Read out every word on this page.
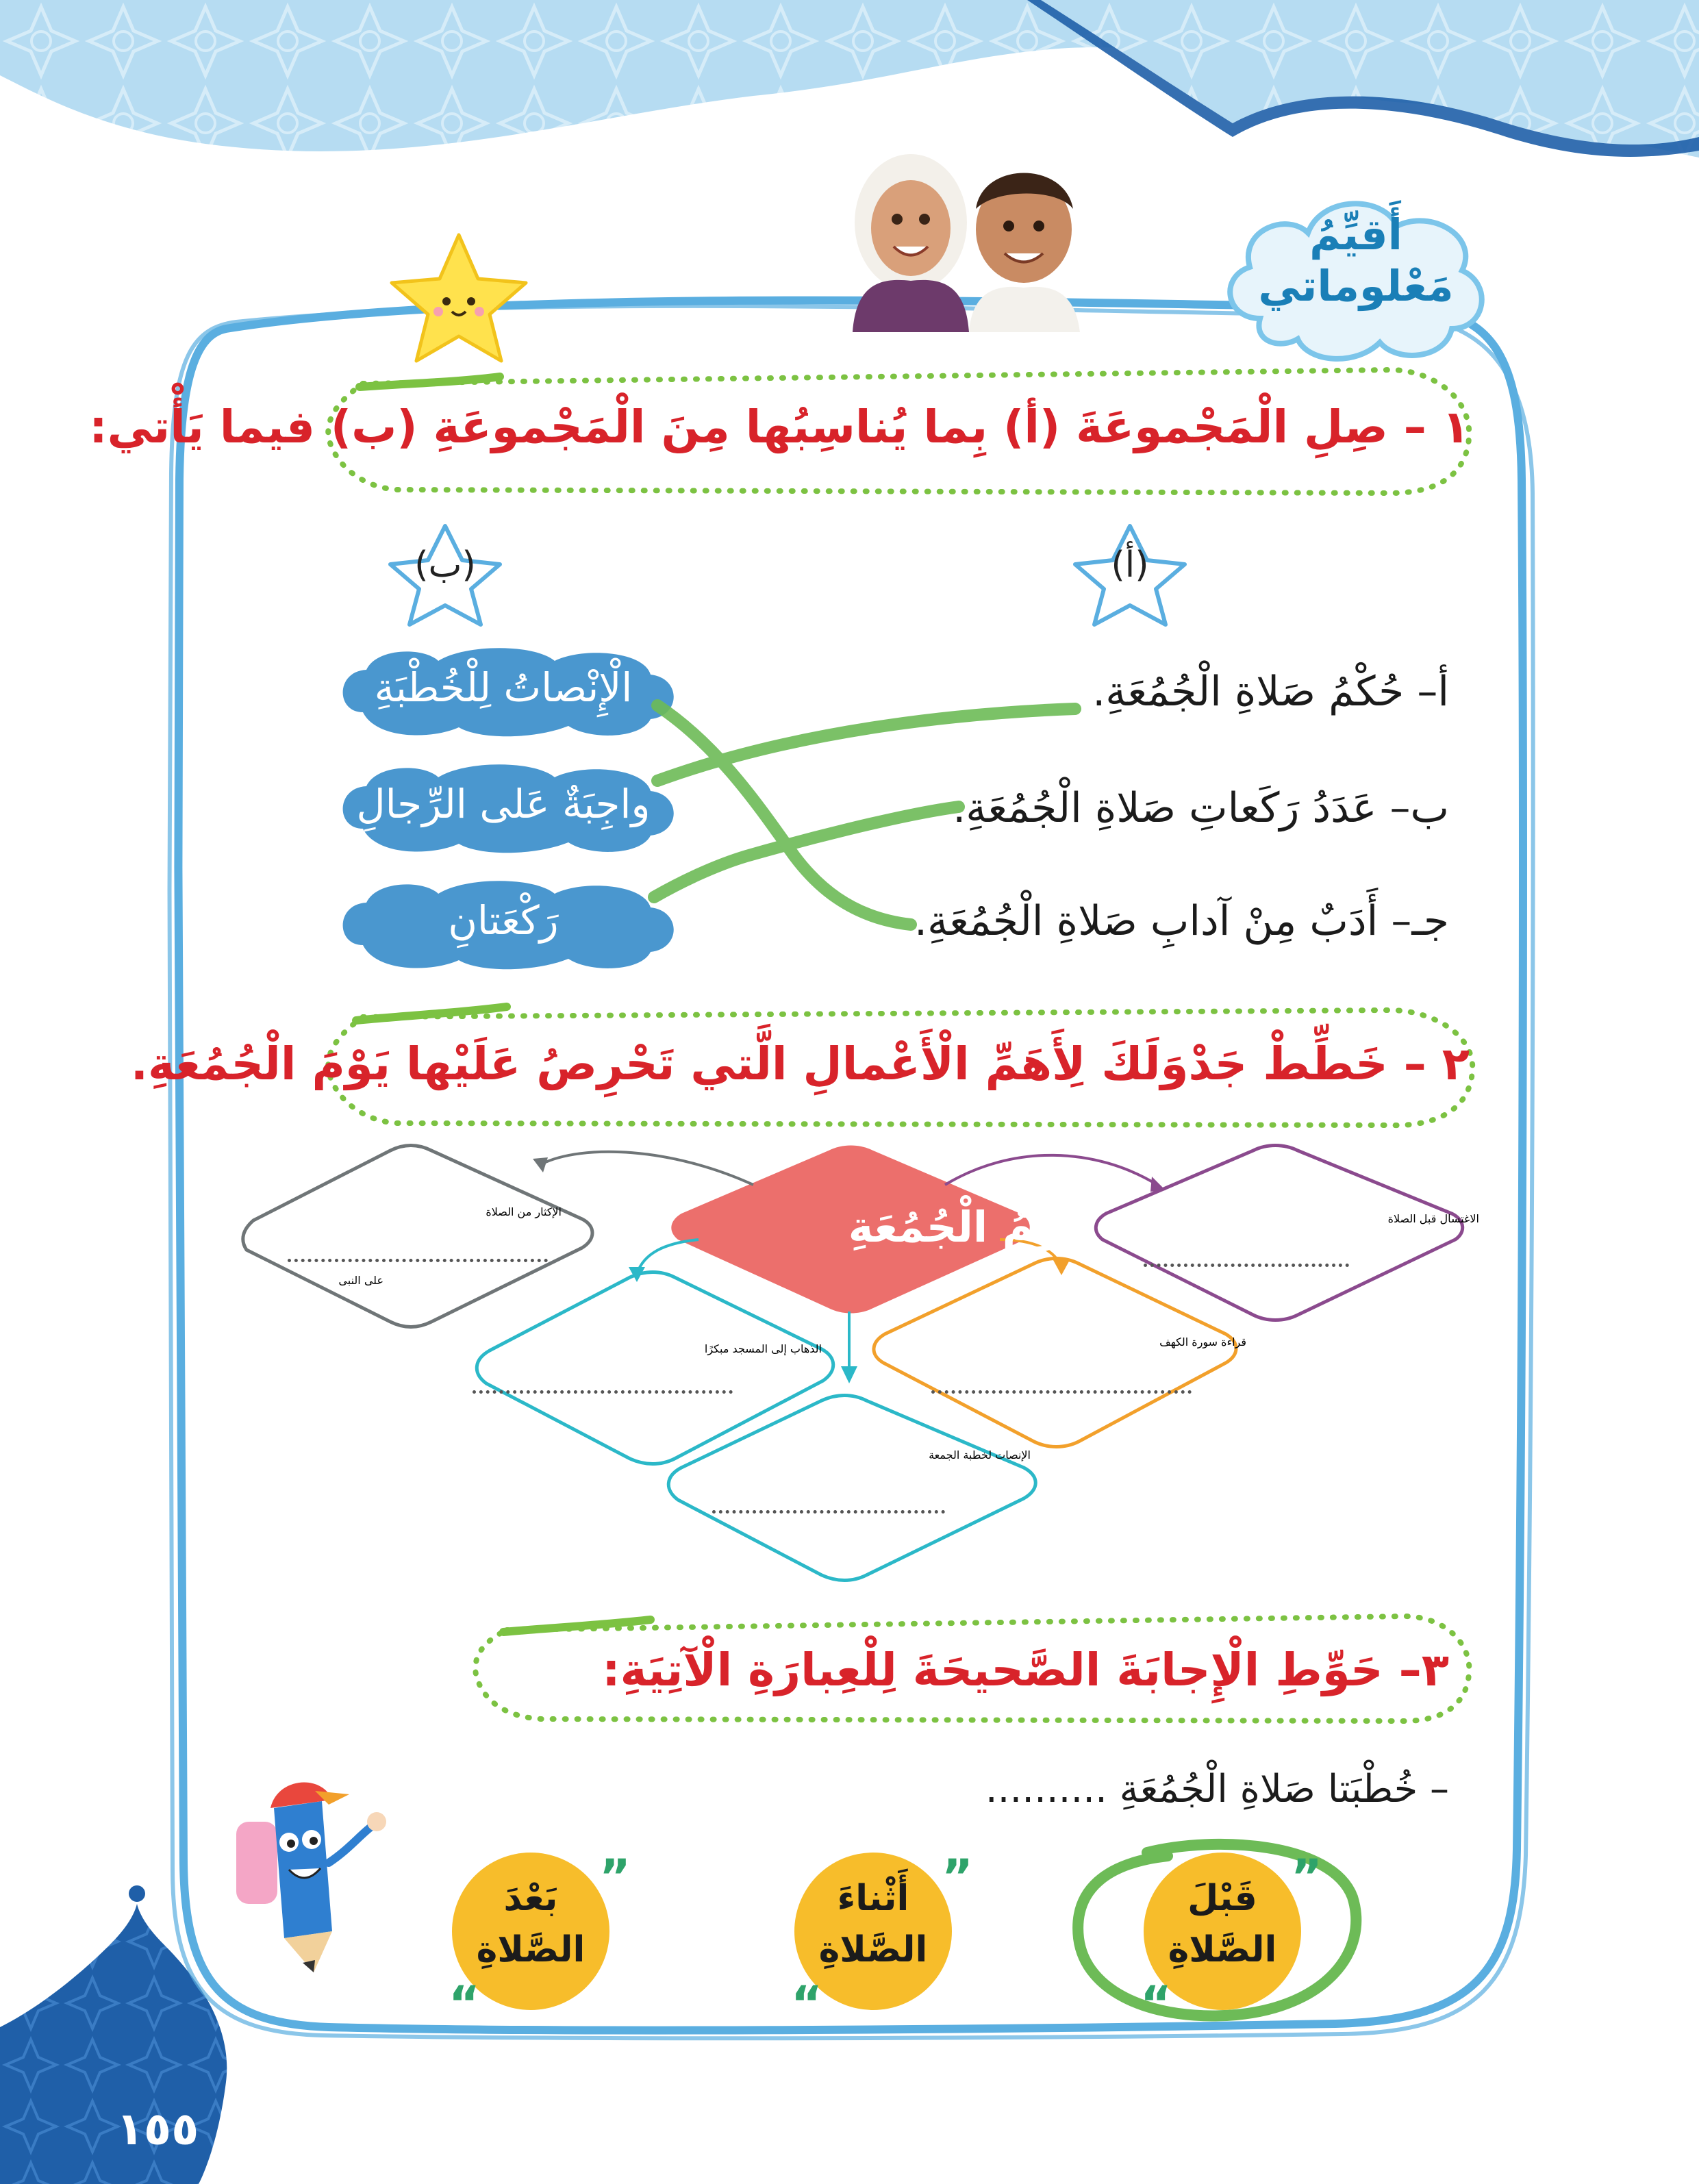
أَقيِّمُ
مَعْلوماتي
١ – صِلِ الْمَجْموعَةَ (أ) بِما يُناسِبُها مِنَ الْمَجْموعَةِ (ب) فيما يَأْتي:
(ب)	(أ)
أ– حُكْمُ صَلاةِ الْجُمُعَةِ.
ب– عَدَدُ رَكَعاتِ صَلاةِ الْجُمُعَةِ.
جـ– أَدَبٌ مِنْ آدابِ صَلاةِ الْجُمُعَةِ.
الْإِنْصاتُ لِلْخُطْبَةِ
واجِبَةٌ عَلى الرِّجالِ
رَكْعَتانِ
٢ – خَطِّطْ جَدْوَلَكَ لِأَهَمِّ الْأَعْمالِ الَّتي تَحْرِصُ عَلَيْها يَوْمَ الْجُمُعَةِ.
يَوْمُ الْجُمُعَةِ	الاغتسال قبل الصلاة
الإكثار من الصلاة
على النبى
قراءة سورة الكهف
الذهاب إلى المسجد مبكرًا
الإنصات لخطبة الجمعة
٣– حَوِّطِ الْإِجابَةَ الصَّحيحَةَ لِلْعِبارَةِ الْآتِيَةِ:
– خُطْبَتا صَلاةِ الْجُمُعَةِ ..........
قَبْلَ
الصَّلاةِ
”
“
أَثْناءَ
الصَّلاةِ
”
“
بَعْدَ
الصَّلاةِ
”
“
١٥٥
